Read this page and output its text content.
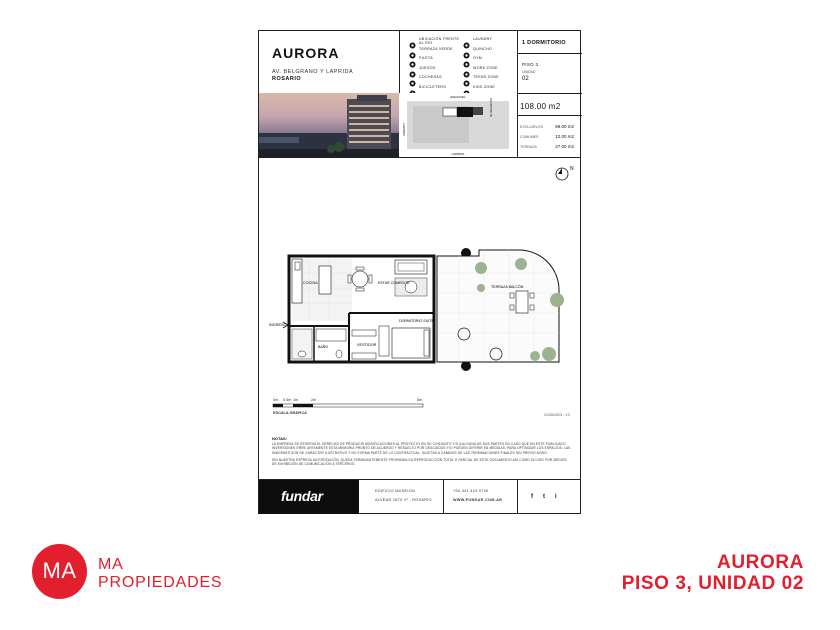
AURORA
AV. BELGRANO Y LAPRIDA
ROSARIO
UBICACIÓN FRENTE AL RÍO
LAUNDRY
TERRAZA VERDE	QUINCHO
PILETA	GYM
JUEGOS	WORK ZONE
COCHERAS	TEENS ZONE
BICICLETERO	KIDS ZONE
1 DORMITORIO
PISO 3
UNIDAD
02
ESQUIVEL
LAPRIDA
LAPRIDA
AV. BELGRANO	108.00 m2
EXCLUSIVOS	69.00 m2
COMUNES	12.00 m2
TERRAZA	27.00 m2
N
INGRESO
COCINA	ESTAR COMEDOR
DORMITORIO SUITE
VESTIDOR
BAÑO
TERRAZA BALCÓN
0m 0.5m 1m	2m	5m
ESCALA GRÁFICA	31/05/2023 - V3
NOTAS:
LA EMPRESA SE RESERVA EL DERECHO DE PRODUCIR MODIFICACIONES AL PROYECTO EN SU CONJUNTO Y/O A ALGUNA DE SUS PARTES EN CASO QUE EN ESTE PUBLICADO, INVERSIONES ERRE URTAMENTE ESTA MEMORIA PRONTO DE ACUERDO Y RESUELTO POR DESCUIDOS Y/O PUEDEN DIFERIR EN MEDIDAS, PARA OPTIMIZAR LOS ESPACIOS. LAS IMÁGENES SON DE CARÁCTER ILUSTRATIVO Y NO FORMA PARTE DE LO CONTRACTUAL. SUJETAS A CAMBIOS DE LAS TERMINACIONES FINALES SIN PREVIO AVISO.
SIN NUESTRA EXPRESA AUTORIZACIÓN, QUEDA TERMINANTEMENTE PROHIBIDA SU REPRODUCCIÓN TOTAL O PARCIAL DE ESTE DOCUMENTO ASÍ COMO SU USO POR MEDIOS DE EXHIBICIÓN DE COMUNICACIÓN A TERCEROS.
fundar	EDIFICIO MUSEION
ALVEAR 1670 1º - ROSARIO
+54 341 410 0700
WWW.FUNDAR.COM.AR	f t i
MA	MA
PROPIEDADES
AURORA
PISO 3, UNIDAD 02
